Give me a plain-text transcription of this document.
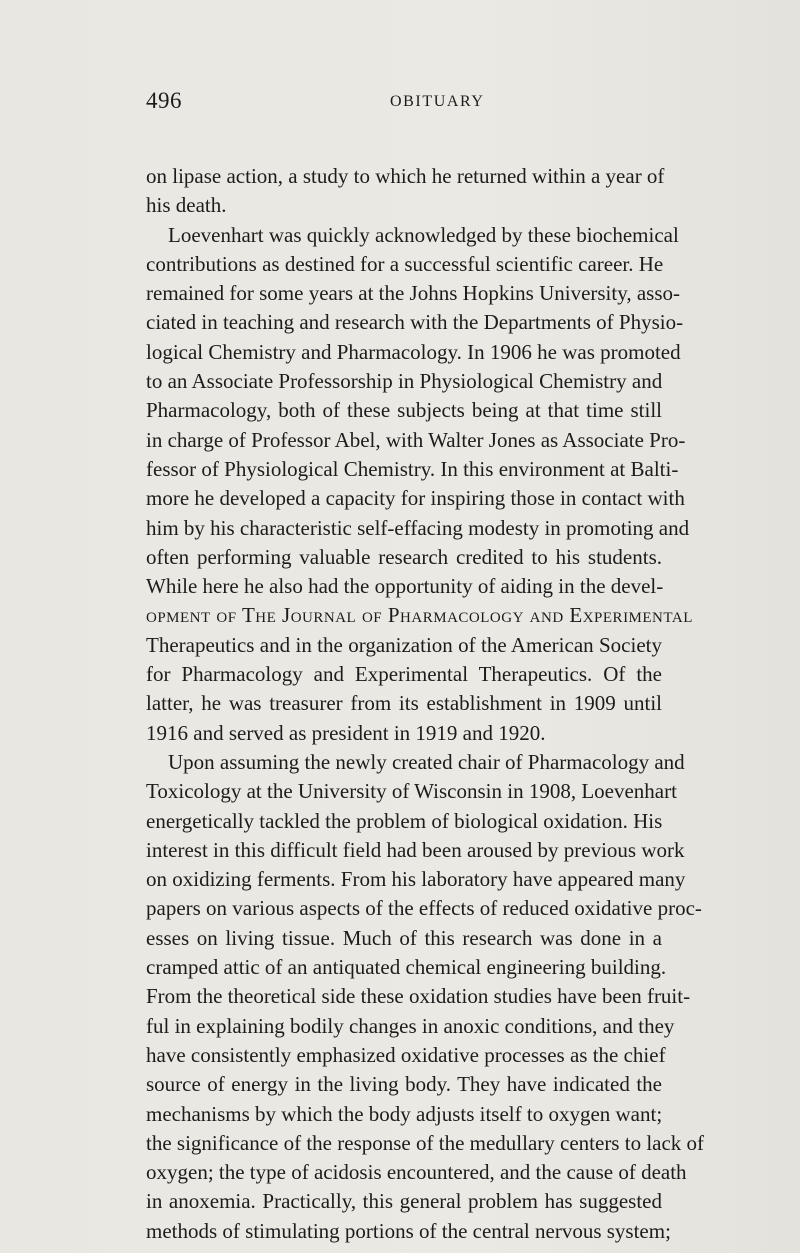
496	OBITUARY
on lipase action, a study to which he returned within a year of
his death.
Loevenhart was quickly acknowledged by these biochemical
contributions as destined for a successful scientific career. He
remained for some years at the Johns Hopkins University, asso-
ciated in teaching and research with the Departments of Physio-
logical Chemistry and Pharmacology. In 1906 he was promoted
to an Associate Professorship in Physiological Chemistry and
Pharmacology, both of these subjects being at that time still
in charge of Professor Abel, with Walter Jones as Associate Pro-
fessor of Physiological Chemistry. In this environment at Balti-
more he developed a capacity for inspiring those in contact with
him by his characteristic self-effacing modesty in promoting and
often performing valuable research credited to his students.
While here he also had the opportunity of aiding in the devel-
opment of The Journal of Pharmacology and Experimental
Therapeutics and in the organization of the American Society
for Pharmacology and Experimental Therapeutics. Of the
latter, he was treasurer from its establishment in 1909 until
1916 and served as president in 1919 and 1920.
Upon assuming the newly created chair of Pharmacology and
Toxicology at the University of Wisconsin in 1908, Loevenhart
energetically tackled the problem of biological oxidation. His
interest in this difficult field had been aroused by previous work
on oxidizing ferments. From his laboratory have appeared many
papers on various aspects of the effects of reduced oxidative proc-
esses on living tissue. Much of this research was done in a
cramped attic of an antiquated chemical engineering building.
From the theoretical side these oxidation studies have been fruit-
ful in explaining bodily changes in anoxic conditions, and they
have consistently emphasized oxidative processes as the chief
source of energy in the living body. They have indicated the
mechanisms by which the body adjusts itself to oxygen want;
the significance of the response of the medullary centers to lack of
oxygen; the type of acidosis encountered, and the cause of death
in anoxemia. Practically, this general problem has suggested
methods of stimulating portions of the central nervous system;
